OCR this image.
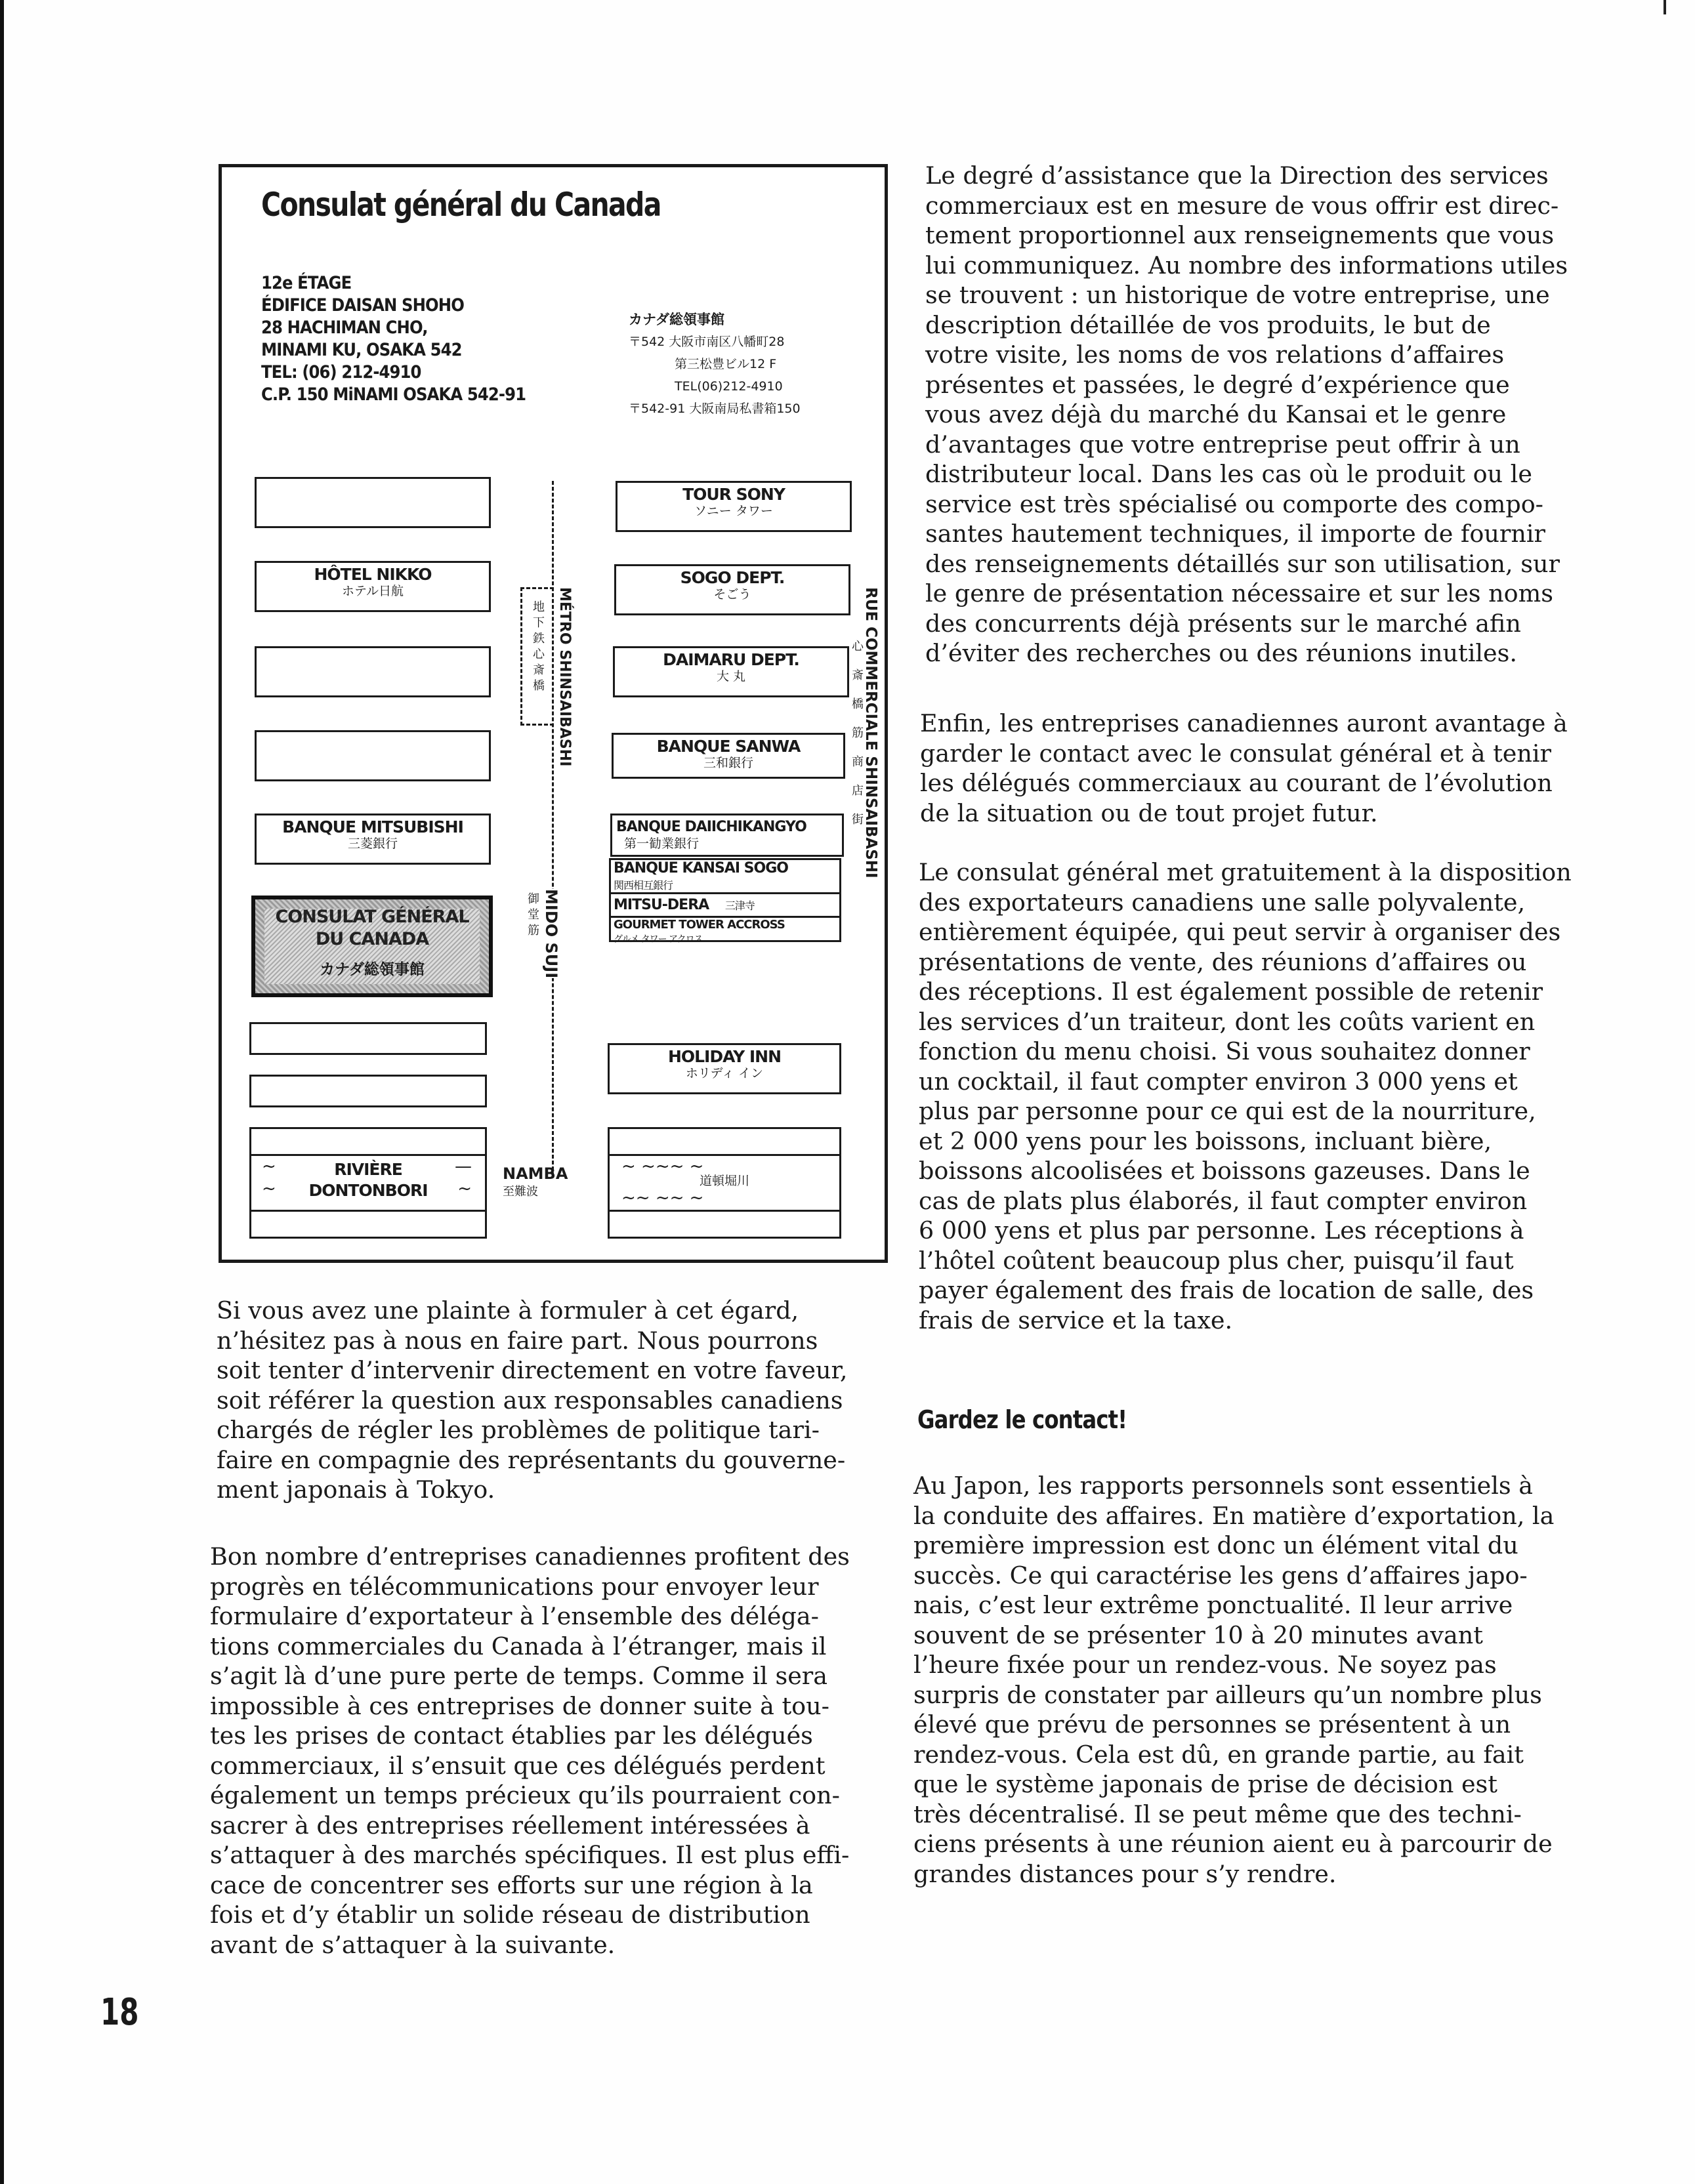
Consulat général du Canada
12e ÉTAGE
ÉDIFICE DAISAN SHOHO
28 HACHIMAN CHO,
MINAMI KU, OSAKA 542
TEL: (06) 212-4910
C.P. 150 MiNAMI OSAKA 542-91
カナダ総領事館
〒542 大阪市南区八幡町28
第三松豊ビル12 F
TEL(06)212-4910
〒542-91 大阪南局私書箱150
HÔTEL NIKKO
ホテル日航
BANQUE MITSUBISHI
三菱銀行
CONSULAT GÉNÉRAL
DU CANADA
カナダ総領事館
RIVIÈRE
DONTONBORI
~
~
—
~
MÉTRO SHINSAIBASHI
地下鉄心斎橋
MIDO SUJI
御堂筋
NAMBA
至難波
TOUR SONY
ソニー タワー
SOGO DEPT.
そごう
DAIMARU DEPT.
大 丸
BANQUE SANWA
三和銀行
BANQUE DAIICHIKANGYO
第一勧業銀行
BANQUE KANSAI SOGO
関西相互銀行
MITSU-DERA 三津寺
GOURMET TOWER ACCROSS
グルメ タワー アクロス
HOLIDAY INN
ホリディ イン
道頓堀川
~ ~~~ ~
~~ ~~ ~
RUE COMMERCIALE SHINSAIBASHI
心斎橋筋商店街
Si vous avez une plainte à formuler à cet égard,
n’hésitez pas à nous en faire part. Nous pourrons
soit tenter d’intervenir directement en votre faveur,
soit référer la question aux responsables canadiens
chargés de régler les problèmes de politique tari-
faire en compagnie des représentants du gouverne-
ment japonais à Tokyo.
Bon nombre d’entreprises canadiennes profitent des
progrès en télécommunications pour envoyer leur
formulaire d’exportateur à l’ensemble des déléga-
tions commerciales du Canada à l’étranger, mais il
s’agit là d’une pure perte de temps. Comme il sera
impossible à ces entreprises de donner suite à tou-
tes les prises de contact établies par les délégués
commerciaux, il s’ensuit que ces délégués perdent
également un temps précieux qu’ils pourraient con-
sacrer à des entreprises réellement intéressées à
s’attaquer à des marchés spécifiques. Il est plus effi-
cace de concentrer ses efforts sur une région à la
fois et d’y établir un solide réseau de distribution
avant de s’attaquer à la suivante.
Le degré d’assistance que la Direction des services
commerciaux est en mesure de vous offrir est direc-
tement proportionnel aux renseignements que vous
lui communiquez. Au nombre des informations utiles
se trouvent : un historique de votre entreprise, une
description détaillée de vos produits, le but de
votre visite, les noms de vos relations d’affaires
présentes et passées, le degré d’expérience que
vous avez déjà du marché du Kansai et le genre
d’avantages que votre entreprise peut offrir à un
distributeur local. Dans les cas où le produit ou le
service est très spécialisé ou comporte des compo-
santes hautement techniques, il importe de fournir
des renseignements détaillés sur son utilisation, sur
le genre de présentation nécessaire et sur les noms
des concurrents déjà présents sur le marché afin
d’éviter des recherches ou des réunions inutiles.
Enfin, les entreprises canadiennes auront avantage à
garder le contact avec le consulat général et à tenir
les délégués commerciaux au courant de l’évolution
de la situation ou de tout projet futur.
Le consulat général met gratuitement à la disposition
des exportateurs canadiens une salle polyvalente,
entièrement équipée, qui peut servir à organiser des
présentations de vente, des réunions d’affaires ou
des réceptions. Il est également possible de retenir
les services d’un traiteur, dont les coûts varient en
fonction du menu choisi. Si vous souhaitez donner
un cocktail, il faut compter environ 3 000 yens et
plus par personne pour ce qui est de la nourriture,
et 2 000 yens pour les boissons, incluant bière,
boissons alcoolisées et boissons gazeuses. Dans le
cas de plats plus élaborés, il faut compter environ
6 000 yens et plus par personne. Les réceptions à
l’hôtel coûtent beaucoup plus cher, puisqu’il faut
payer également des frais de location de salle, des
frais de service et la taxe.
Gardez le contact!
Au Japon, les rapports personnels sont essentiels à
la conduite des affaires. En matière d’exportation, la
première impression est donc un élément vital du
succès. Ce qui caractérise les gens d’affaires japo-
nais, c’est leur extrême ponctualité. Il leur arrive
souvent de se présenter 10 à 20 minutes avant
l’heure fixée pour un rendez-vous. Ne soyez pas
surpris de constater par ailleurs qu’un nombre plus
élevé que prévu de personnes se présentent à un
rendez-vous. Cela est dû, en grande partie, au fait
que le système japonais de prise de décision est
très décentralisé. Il se peut même que des techni-
ciens présents à une réunion aient eu à parcourir de
grandes distances pour s’y rendre.
18
